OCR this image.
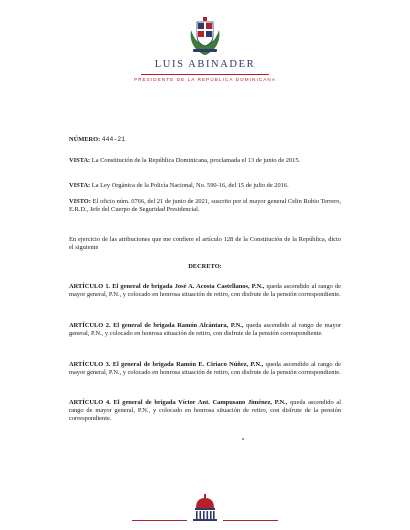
LUIS ABINADER
PRESIDENTE DE LA REPÚBLICA DOMINICANA

NÚMERO: 444-21

VISTA: La Constitución de la República Dominicana, proclamada el 13 de junio de 2015.

VISTA: La Ley Orgánica de la Policía Nacional, No. 590-16, del 15 de julio de 2016.

VISTO: El oficio núm. 0766, del 21 de junio de 2021, suscrito por el mayor general Celin Rubio Terrero, E.R.D., Jefe del Cuerpo de Seguridad Presidencial.

En ejercicio de las atribuciones que me confiere el artículo 128 de la Constitución de la República, dicto el siguiente

DECRETO:

ARTÍCULO 1. El general de brigada José A. Acosta Castellanos, P.N., queda ascendido al rango de mayor general, P.N., y colocado en honrosa situación de retiro, con disfrute de la pensión correspondiente.

ARTÍCULO 2. El general de brigada Ramón Alcántara, P.N., queda ascendido al rango de mayor general, P.N., y colocado en honrosa situación de retiro, con disfrute de la pensión correspondiente.

ARTÍCULO 3. El general de brigada Ramón E. Ciriaco Núñez, P.N., queda ascendido al rango de mayor general, P.N., y colocado en honrosa situación de retiro, con disfrute de la pensión correspondiente.

ARTÍCULO 4. El general de brigada Víctor Ant. Campusano Jiménez, P.N., queda ascendido al rango de mayor general, P.N., y colocado en honrosa situación de retiro, con disfrute de la pensión correspondiente.
